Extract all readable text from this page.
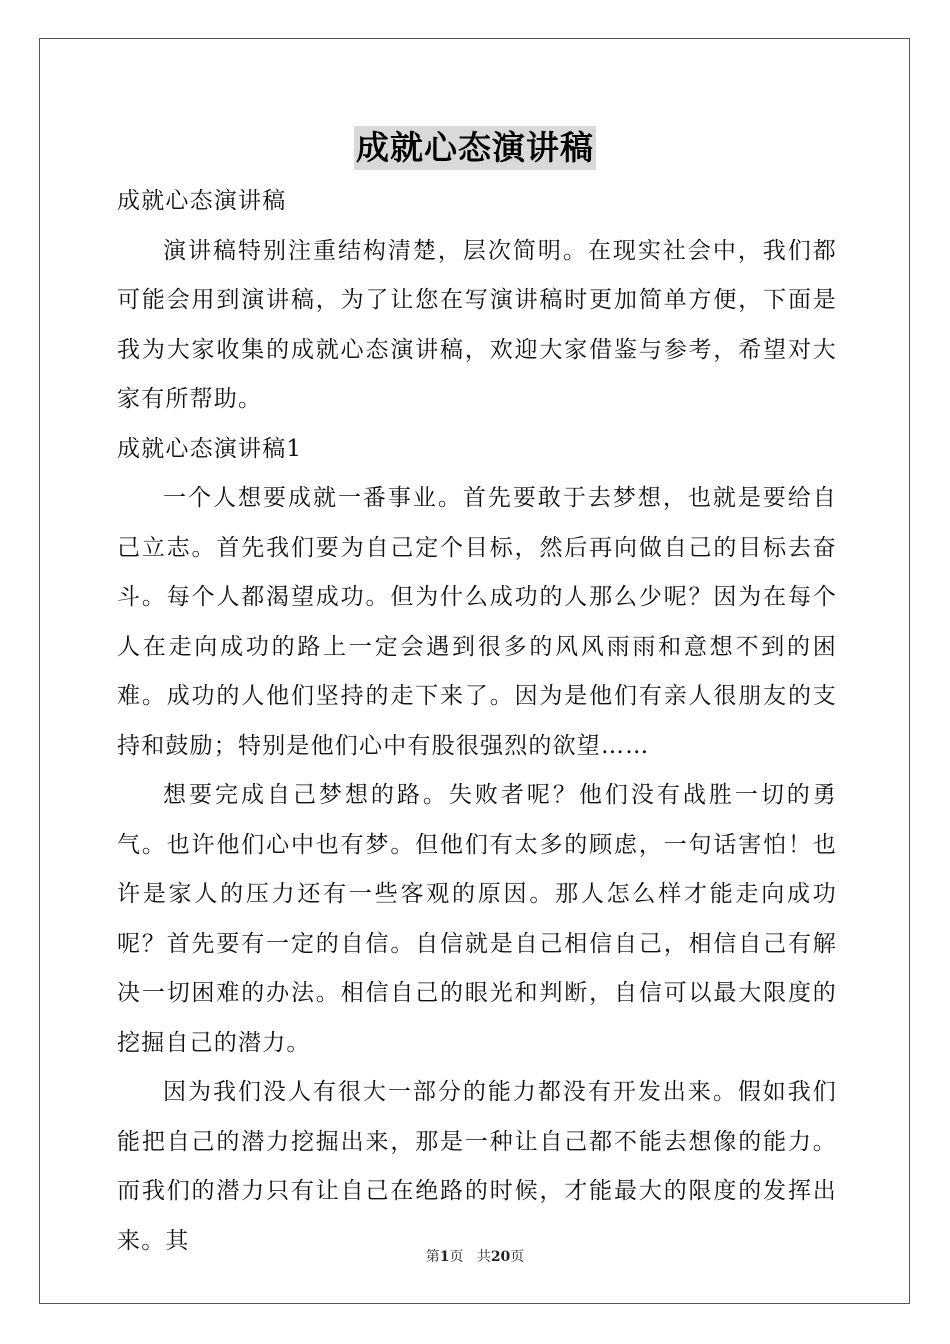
成就心态演讲稿

成就心态演讲稿

演讲稿特别注重结构清楚，层次简明。在现实社会中，我们都可能会用到演讲稿，为了让您在写演讲稿时更加简单方便，下面是我为大家收集的成就心态演讲稿，欢迎大家借鉴与参考，希望对大家有所帮助。

成就心态演讲稿1

一个人想要成就一番事业。首先要敢于去梦想，也就是要给自己立志。首先我们要为自己定个目标，然后再向做自己的目标去奋斗。每个人都渴望成功。但为什么成功的人那么少呢？因为在每个人在走向成功的路上一定会遇到很多的风风雨雨和意想不到的困难。成功的人他们坚持的走下来了。因为是他们有亲人很朋友的支持和鼓励；特别是他们心中有股很强烈的欲望……

想要完成自己梦想的路。失败者呢？他们没有战胜一切的勇气。也许他们心中也有梦。但他们有太多的顾虑，一句话害怕！也许是家人的压力还有一些客观的原因。那人怎么样才能走向成功呢？首先要有一定的自信。自信就是自己相信自己，相信自己有解决一切困难的办法。相信自己的眼光和判断，自信可以最大限度的挖掘自己的潜力。

因为我们没人有很大一部分的能力都没有开发出来。假如我们能把自己的潜力挖掘出来，那是一种让自己都不能去想像的能力。而我们的潜力只有让自己在绝路的时候，才能最大的限度的发挥出来。其

第1页 共20页
